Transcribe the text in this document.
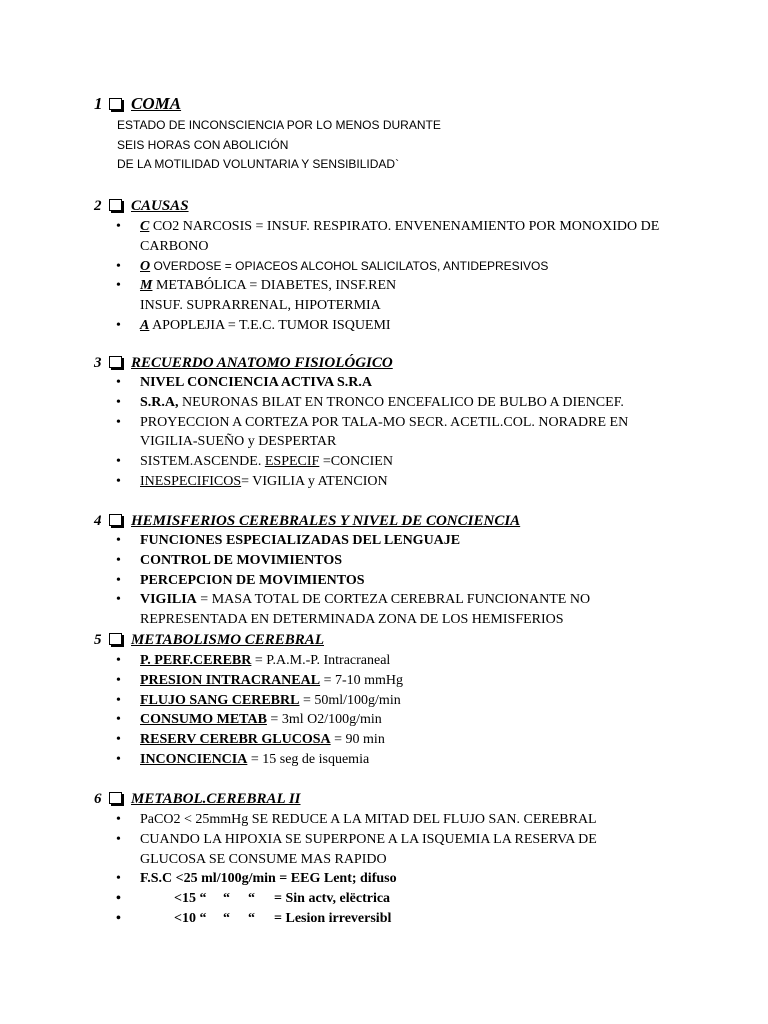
1 COMA
ESTADO DE INCONSCIENCIA POR LO MENOS DURANTE
SEIS HORAS CON ABOLICIÓN
DE LA MOTILIDAD VOLUNTARIA Y SENSIBILIDAD`
2 CAUSAS
• C CO2 NARCOSIS = INSUF. RESPIRATO. ENVENENAMIENTO POR MONOXIDO DE
CARBONO
• O OVERDOSE = OPIACEOS ALCOHOL SALICILATOS, ANTIDEPRESIVOS
• M METABÓLICA = DIABETES, INSF.REN
INSUF. SUPRARRENAL, HIPOTERMIA
• A APOPLEJIA = T.E.C. TUMOR ISQUEMI
3 RECUERDO ANATOMO FISIOLÓGICO
• NIVEL CONCIENCIA ACTIVA S.R.A
• S.R.A, NEURONAS BILAT EN TRONCO ENCEFALICO DE BULBO A DIENCEF.
• PROYECCION A CORTEZA POR TALA-MO SECR. ACETIL.COL. NORADRE EN
VIGILIA-SUEÑO y DESPERTAR
• SISTEM.ASCENDE. ESPECIF =CONCIEN
• INESPECIFICOS= VIGILIA y ATENCION
4 HEMISFERIOS CEREBRALES Y NIVEL DE CONCIENCIA
• FUNCIONES ESPECIALIZADAS DEL LENGUAJE
• CONTROL DE MOVIMIENTOS
• PERCEPCION DE MOVIMIENTOS
• VIGILIA = MASA TOTAL DE CORTEZA CEREBRAL FUNCIONANTE NO
REPRESENTADA EN DETERMINADA ZONA DE LOS HEMISFERIOS
5 METABOLISMO CEREBRAL
• P. PERF.CEREBR = P.A.M.-P. Intracraneal
• PRESION INTRACRANEAL = 7-10 mmHg
• FLUJO SANG CEREBRL = 50ml/100g/min
• CONSUMO METAB = 3ml O2/100g/min
• RESERV CEREBR GLUCOSA = 90 min
• INCONCIENCIA = 15 seg de isquemia
6 METABOL.CEREBRAL II
• PaCO2 < 25mmHg SE REDUCE A LA MITAD DEL FLUJO SAN. CEREBRAL
• CUANDO LA HIPOXIA SE SUPERPONE A LA ISQUEMIA LA RESERVA DE
GLUCOSA SE CONSUME MAS RAPIDO
• F.S.C <25 ml/100g/min = EEG Lent; difuso
• <15 “ “ “ = Sin actv, elëctrica
• <10 “ “ “ = Lesion irreversibl
